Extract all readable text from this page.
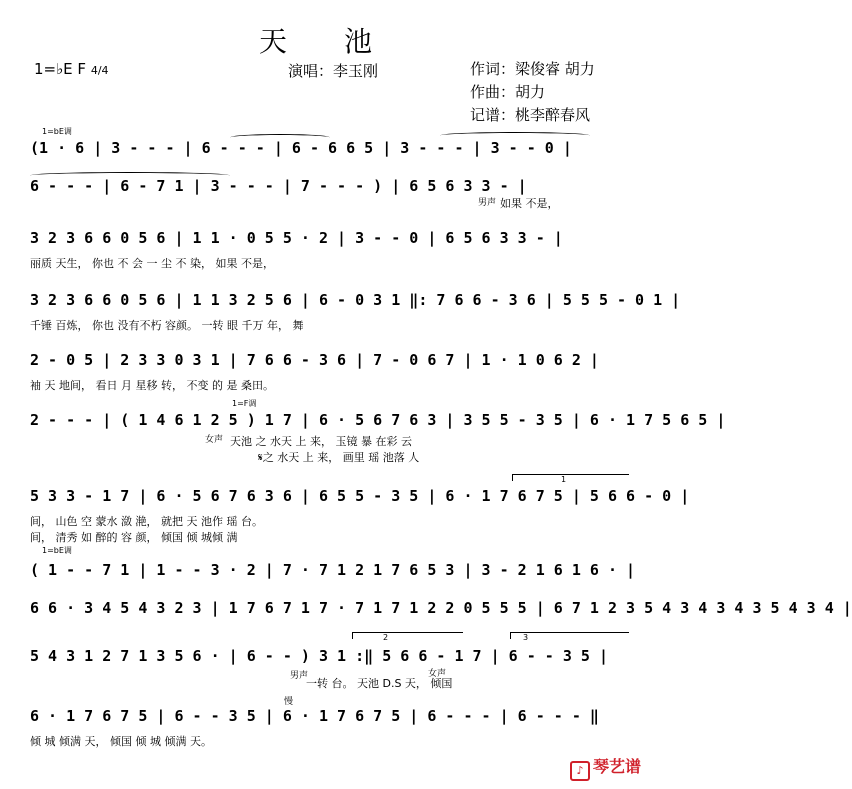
天 池
1=♭E F 4/4	演唱：李玉刚	作词：梁俊睿 胡力
作曲：胡力
记谱：桃李醉春风
1=bE调
(1 · 6 | 3 - - - | 6 - - - | 6 - 6 6 5 | 3 - - - | 3 - - 0 |
6 - - - | 6 - 7 1 | 3 - - - | 7 - - - ) | 6 5 6 3 3 - |
男声 如果 不是，
3 2 3 6 6 0 5 6 | 1 1 · 0 5 5 · 2 | 3 - - 0 | 6 5 6 3 3 - |
丽质 天生， 你也 不 会 一 尘 不 染， 如果 不是，
3 2 3 6 6 0 5 6 | 1 1 3 2 5 6 | 6 - 0 3 1 ‖: 7 6 6 - 3 6 | 5 5 5 - 0 1 |
千锤 百炼， 你也 没有不朽 容颜。 一转 眼 千万 年， 舞
2 - 0 5 | 2 3 3 0 3 1 | 7 6 6 - 3 6 | 7 - 0 6 7 | 1 · 1 0 6 2 |
袖 天 地间， 看日 月 星移 转， 不变 的 是 桑田。
1=F调
2 - - - | ( 1 4 6 1 2 5 ) 1 7 | 6 · 5 6 7 6 3 | 3 5 5 - 3 5 | 6 · 1 7 5 6 5 |
女声 天池 之 水天 上 来， 玉镜 暴 在彩 云
𝄋之 水天 上 来， 画里 瑶 池落 人
1
5 3 3 - 1 7 | 6 · 5 6 7 6 3 6 | 6 5 5 - 3 5 | 6 · 1 7 6 7 5 | 5 6 6 - 0 |
间， 山色 空 蒙水 潋 滟， 就把 天 池作 瑶 台。
间， 清秀 如 醉的 容 颜， 倾国 倾 城倾 满
1=bE调
( 1 - - 7 1 | 1 - - 3 · 2 | 7 · 7 1 2 1 7 6 5 3 | 3 - 2 1 6 1 6 · |
6 6 · 3 4 5 4 3 2 3 | 1 7 6 7 1 7 · 7 1 7 1 2 2 0 5 5 5 | 6 7 1 2 3 5 4 3 4 3 4 3 5 4 3 4 |
2	3
5 4 3 1 2 7 1 3 5 6 · | 6 - - ) 3 1 :‖ 5 6 6 - 1 7 | 6 - - 3 5 |
男声	女声
一转 台。 天池 D.S 天， 倾国
慢
6 · 1 7 6 7 5 | 6 - - 3 5 | 6 · 1 7 6 7 5 | 6 - - - | 6 - - - ‖
倾 城 倾满 天， 倾国 倾 城 倾满 天。
♪ 琴艺谱
